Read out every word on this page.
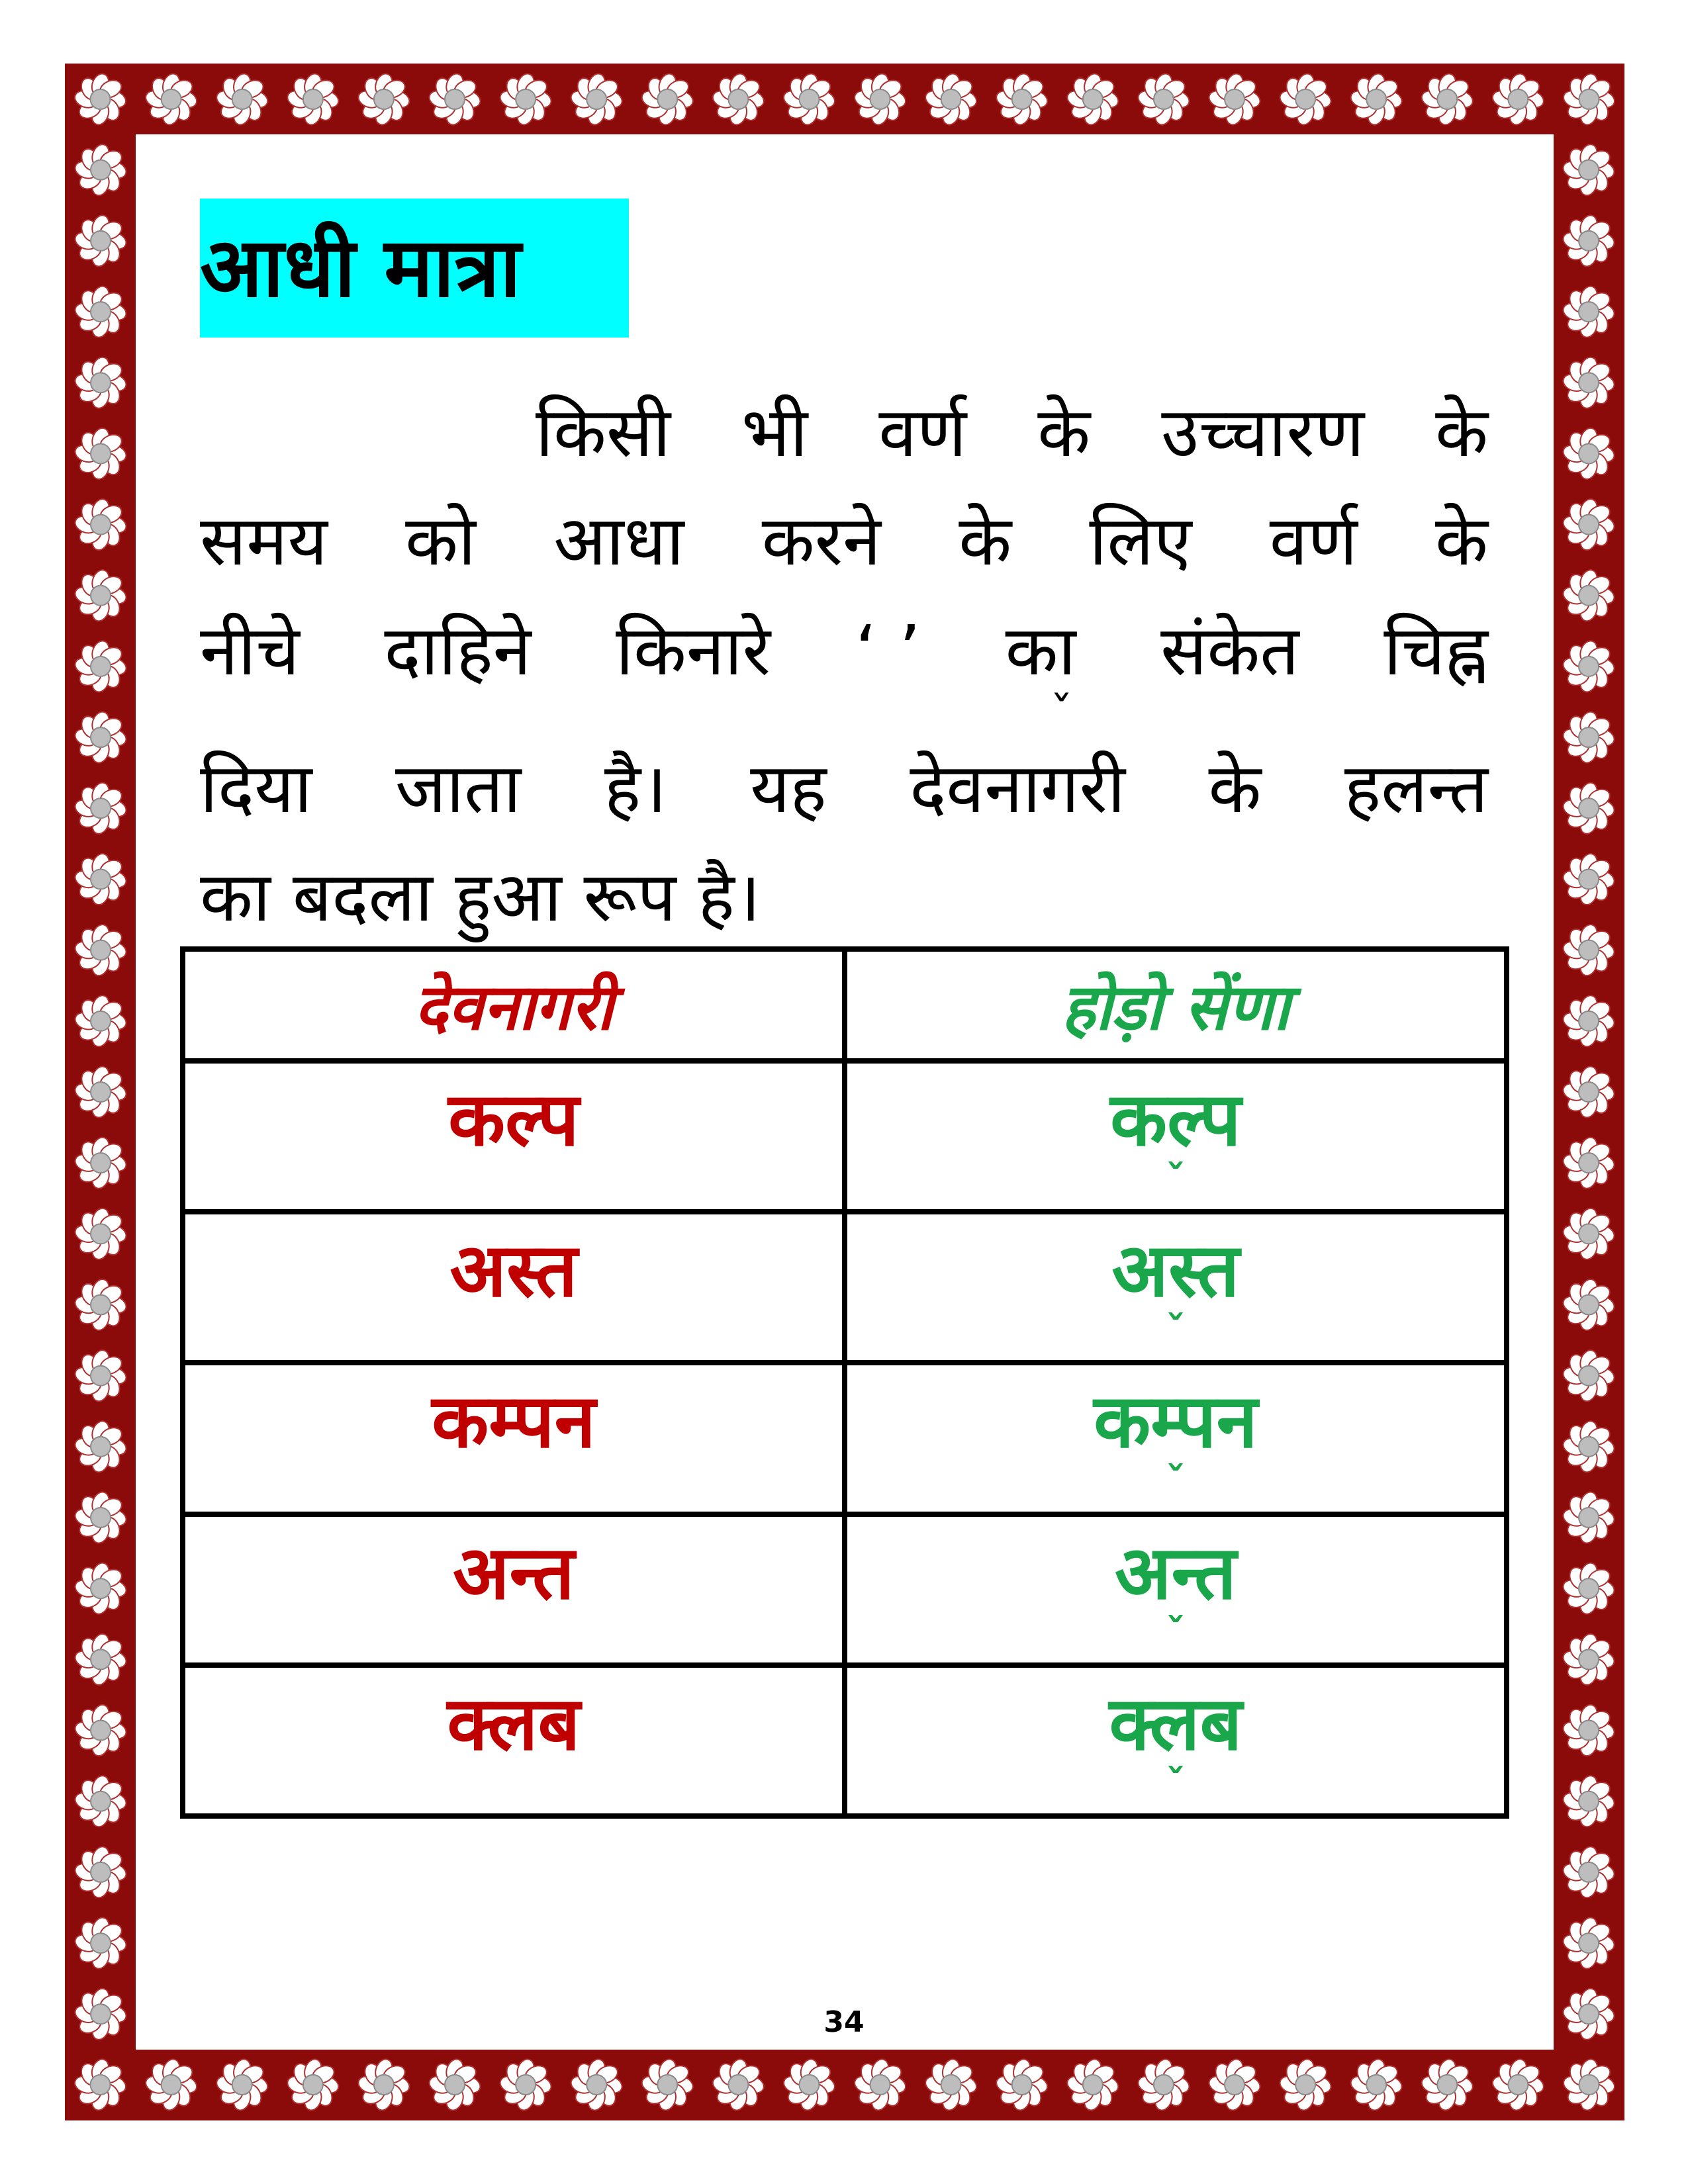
आधी मात्रा
किसी भी वर्ण के उच्चारण के
समय को आधा करने के लिए वर्ण के
नीचे दाहिने किनारे ‘ ’ का संकेत चिह्न
ˇ
दिया जाता है। यह देवनागरी के हलन्त
का बदला हुआ रूप है।
देवनागरी	होड़ो सेंणा
कल्प	कल्प
ˇ

अस्त	अस्त
ˇ

कम्पन	कम्पन
ˇ

अन्त	अन्त
ˇ

क्लब	क्लब
ˇ
34
